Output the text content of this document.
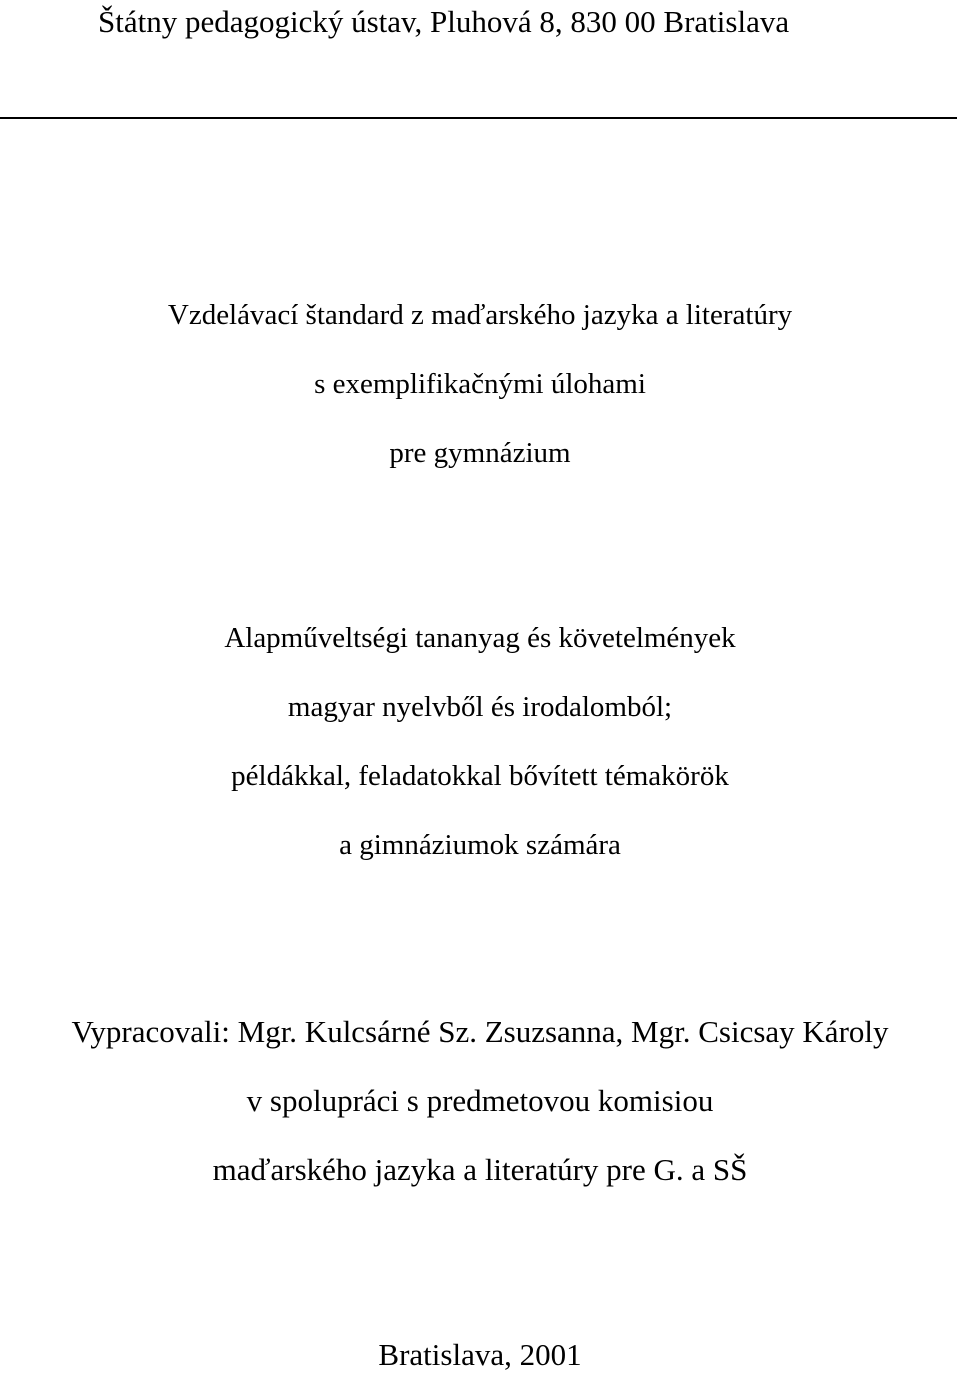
Štátny pedagogický ústav, Pluhová 8, 830 00 Bratislava
Vzdelávací štandard z maďarského jazyka a literatúry
s exemplifikačnými úlohami
pre gymnázium
Alapműveltségi tananyag és követelmények
magyar nyelvből és irodalomból;
példákkal, feladatokkal bővített témakörök
a gimnáziumok számára
Vypracovali: Mgr. Kulcsárné Sz. Zsuzsanna, Mgr. Csicsay Károly
v spolupráci s predmetovou komisiou
maďarského jazyka a literatúry pre G. a SŠ
Bratislava, 2001
